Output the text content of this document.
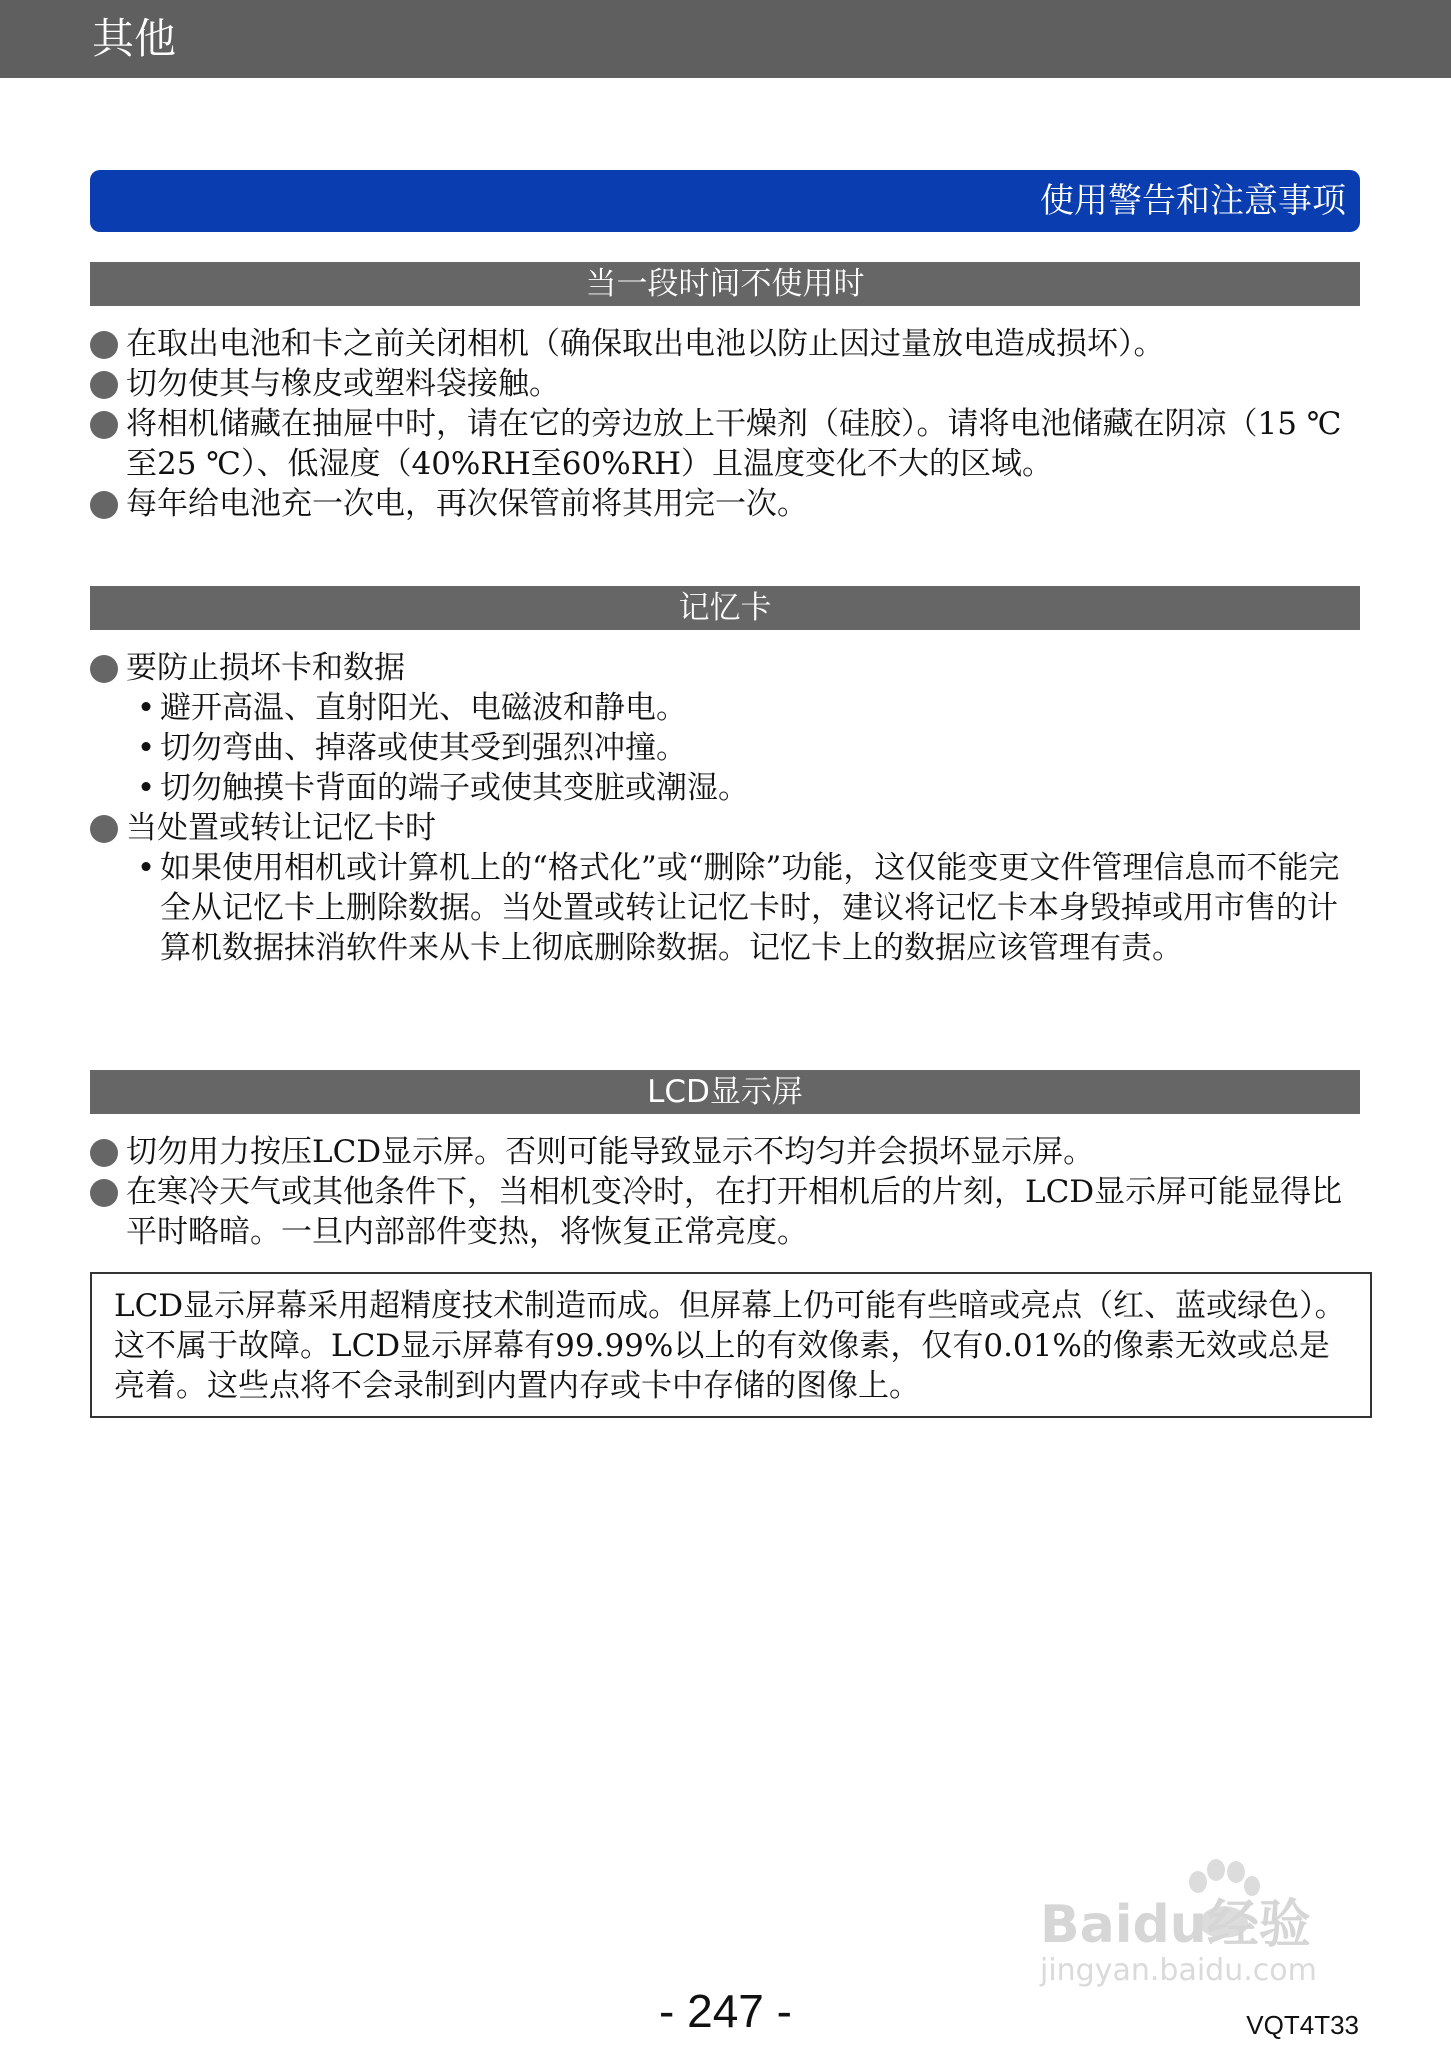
其他
使用警告和注意事项
当一段时间不使用时

在取出电池和卡之前关闭相机（确保取出电池以防止因过量放电造成损坏）。

切勿使其与橡皮或塑料袋接触。

将相机储藏在抽屉中时，请在它的旁边放上干燥剂（硅胶）。请将电池储藏在阴凉（15 ℃至25 ℃）、低湿度（40%RH至60%RH）且温度变化不大的区域。

每年给电池充一次电，再次保管前将其用完一次。

记忆卡

要防止损坏卡和数据

• 避开高温、直射阳光、电磁波和静电。

• 切勿弯曲、掉落或使其受到强烈冲撞。

• 切勿触摸卡背面的端子或使其变脏或潮湿。

当处置或转让记忆卡时

• 如果使用相机或计算机上的“格式化”或“删除”功能，这仅能变更文件管理信息而不能完全从记忆卡上删除数据。当处置或转让记忆卡时，建议将记忆卡本身毁掉或用市售的计算机数据抹消软件来从卡上彻底删除数据。记忆卡上的数据应该管理有责。

LCD显示屏

切勿用力按压LCD显示屏。否则可能导致显示不均匀并会损坏显示屏。

在寒冷天气或其他条件下，当相机变冷时，在打开相机后的片刻，LCD显示屏可能显得比平时略暗。一旦内部部件变热，将恢复正常亮度。

LCD显示屏幕采用超精度技术制造而成。但屏幕上仍可能有些暗或亮点（红、蓝或绿色）。这不属于故障。LCD显示屏幕有99.99%以上的有效像素，仅有0.01%的像素无效或总是亮着。这些点将不会录制到内置内存或卡中存储的图像上。
Baidu经验
jingyan.baidu.com
- 247 -	VQT4T33
